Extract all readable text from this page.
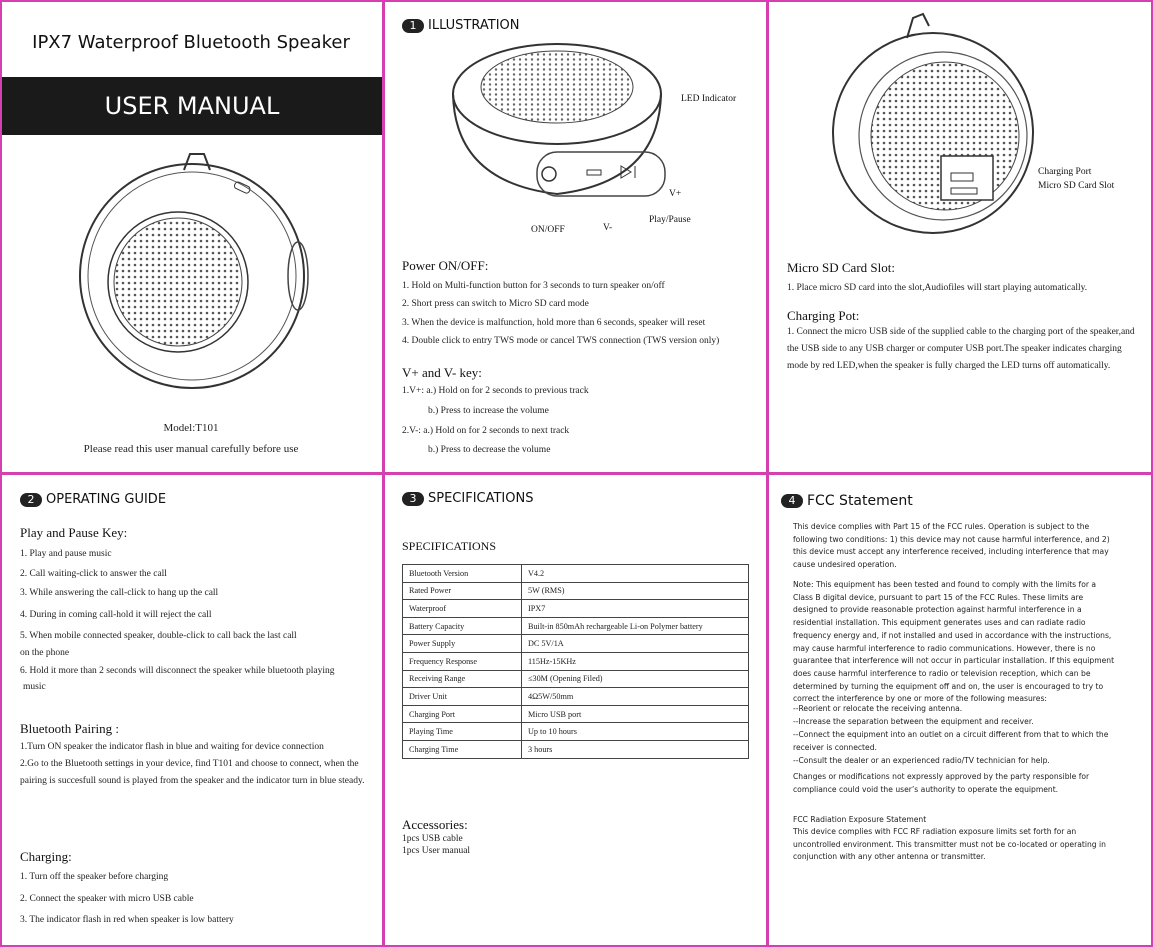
IPX7 Waterproof Bluetooth Speaker
USER MANUAL
Model:T101
Please read this user manual carefully before use
1 ILLUSTRATION
LED Indicator
V+
Play/Pause
ON/OFF	V-
Power ON/OFF:
1. Hold on Multi-function button for 3 seconds to turn speaker on/off
2. Short press can switch to Micro SD card mode
3. When the device is malfunction, hold more than 6 seconds, speaker will reset
4. Double click to entry TWS mode or cancel TWS connection (TWS version only)
V+ and V- key:
1.V+: a.) Hold on for 2 seconds to previous track
b.) Press to increase the volume
2.V-: a.) Hold on for 2 seconds to next track
b.) Press to decrease the volume
Charging Port
Micro SD Card Slot
Micro SD Card Slot:
1. Place micro SD card into the slot,Audiofiles will start playing automatically.
Charging Pot:
1. Connect the micro USB side of the supplied cable to the charging port of the speaker,and the USB side to any USB charger or computer USB port.The speaker indicates charging mode by red LED,when the speaker is fully charged the LED turns off automatically.
2 OPERATING GUIDE
Play and Pause Key:
1. Play and pause music
2. Call waiting-click to answer the call
3. While answering the call-click to hang up the call
4. During in coming call-hold it will reject the call
5. When mobile connected speaker, double-click to call back the last call
on the phone
6. Hold it more than 2 seconds will disconnect the speaker while bluetooth playing
music
Bluetooth Pairing :
1.Turn ON speaker the indicator flash in blue and waiting for device connection
2.Go to the Bluetooth settings in your device, find T101 and choose to connect, when the pairing is succesfull sound is played from the speaker and the indicator turn in blue steady.
Charging:
1. Turn off the speaker before charging
2. Connect the speaker with micro USB cable
3. The indicator flash in red when speaker is low battery
3 SPECIFICATIONS
SPECIFICATIONS
Bluetooth Version	V4.2
Rated Power	5W (RMS)
Waterproof	IPX7
Battery Capacity	Built-in 850mAh rechargeable Li-on Polymer battery
Power Supply	DC 5V/1A
Frequency Response	115Hz-15KHz
Receiving Range	≤30M (Opening Filed)
Driver Unit	4Ω5W/50mm
Charging Port	Micro USB port
Playing Time	Up to 10 hours
Charging Time	3 hours
Accessories:
1pcs USB cable
1pcs User manual
4 FCC Statement
This device complies with Part 15 of the FCC rules. Operation is subject to the following two conditions: 1) this device may not cause harmful interference, and 2) this device must accept any interference received, including interference that may cause undesired operation.
Note: This equipment has been tested and found to comply with the limits for a Class B digital device, pursuant to part 15 of the FCC Rules. These limits are designed to provide reasonable protection against harmful interference in a residential installation. This equipment generates uses and can radiate radio frequency energy and, if not installed and used in accordance with the instructions, may cause harmful interference to radio communications. However, there is no guarantee that interference will not occur in particular installation. If this equipment does cause harmful interference to radio or television reception, which can be determined by turning the equipment off and on, the user is encouraged to try to correct the interference by one or more of the following measures:
--Reorient or relocate the receiving antenna.
--Increase the separation between the equipment and receiver.
--Connect the equipment into an outlet on a circuit different from that to which the receiver is connected.
--Consult the dealer or an experienced radio/TV technician for help.
Changes or modifications not expressly approved by the party responsible for compliance could void the user’s authority to operate the equipment.
FCC Radiation Exposure Statement
This device complies with FCC RF radiation exposure limits set forth for an uncontrolled environment. This transmitter must not be co-located or operating in conjunction with any other antenna or transmitter.
